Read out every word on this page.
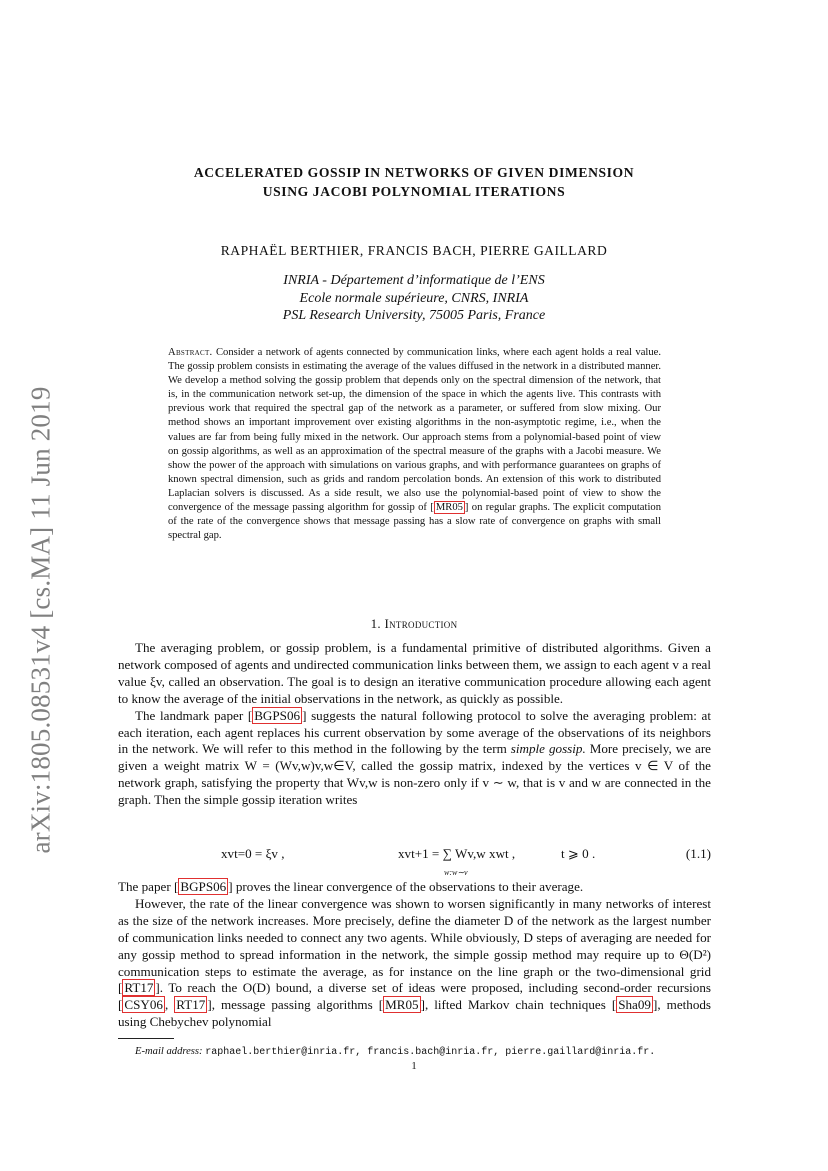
arXiv:1805.08531v4 [cs.MA] 11 Jun 2019
ACCELERATED GOSSIP IN NETWORKS OF GIVEN DIMENSION
USING JACOBI POLYNOMIAL ITERATIONS
RAPHAËL BERTHIER, FRANCIS BACH, PIERRE GAILLARD
INRIA - Département d’informatique de l’ENS
Ecole normale supérieure, CNRS, INRIA
PSL Research University, 75005 Paris, France
Abstract. Consider a network of agents connected by communication links, where each agent holds a real value. The gossip problem consists in estimating the average of the values diffused in the network in a distributed manner. We develop a method solving the gossip problem that depends only on the spectral dimension of the network, that is, in the communication network set-up, the dimension of the space in which the agents live. This contrasts with previous work that required the spectral gap of the network as a parameter, or suffered from slow mixing. Our method shows an important improvement over existing algorithms in the non-asymptotic regime, i.e., when the values are far from being fully mixed in the network. Our approach stems from a polynomial-based point of view on gossip algorithms, as well as an approximation of the spectral measure of the graphs with a Jacobi measure. We show the power of the approach with simulations on various graphs, and with performance guarantees on graphs of known spectral dimension, such as grids and random percolation bonds. An extension of this work to distributed Laplacian solvers is discussed. As a side result, we also use the polynomial-based point of view to show the convergence of the message passing algorithm for gossip of [ MR05 ] on regular graphs. The explicit computation of the rate of the convergence shows that message passing has a slow rate of convergence on graphs with small spectral gap.
1. Introduction

The averaging problem, or gossip problem, is a fundamental primitive of distributed algorithms. Given a network composed of agents and undirected communication links between them, we assign to each agent v a real value ξv, called an observation. The goal is to design an iterative communication procedure allowing each agent to know the average of the initial observations in the network, as quickly as possible.

The landmark paper [ BGPS06 ] suggests the natural following protocol to solve the averaging problem: at each iteration, each agent replaces his current observation by some average of the observations of its neighbors in the network. We will refer to this method in the following by the term simple gossip. More precisely, we are given a weight matrix W = (Wv,w)v,w∈V, called the gossip matrix, indexed by the vertices v ∈ V of the network graph, satisfying the property that Wv,w is non-zero only if v ∼ w, that is v and w are connected in the graph. Then the simple gossip iteration writes

xvt=0 = ξv ,	xvt+1 = ∑ Wv,w xwt ,
w:w∼v
t ⩾ 0 .	(1.1)

The paper [ BGPS06 ] proves the linear convergence of the observations to their average.

However, the rate of the linear convergence was shown to worsen significantly in many networks of interest as the size of the network increases. More precisely, define the diameter D of the network as the largest number of communication links needed to connect any two agents. While obviously, D steps of averaging are needed for any gossip method to spread information in the network, the simple gossip method may require up to Θ(D²) communication steps to estimate the average, as for instance on the line graph or the two-dimensional grid [ RT17 ]. To reach the O(D) bound, a diverse set of ideas were proposed, including second-order recursions [ CSY06 , RT17 ], message passing algorithms [ MR05 ], lifted Markov chain techniques [ Sha09 ], methods using Chebychev polynomial

E-mail address: raphael.berthier@inria.fr, francis.bach@inria.fr, pierre.gaillard@inria.fr.
1
